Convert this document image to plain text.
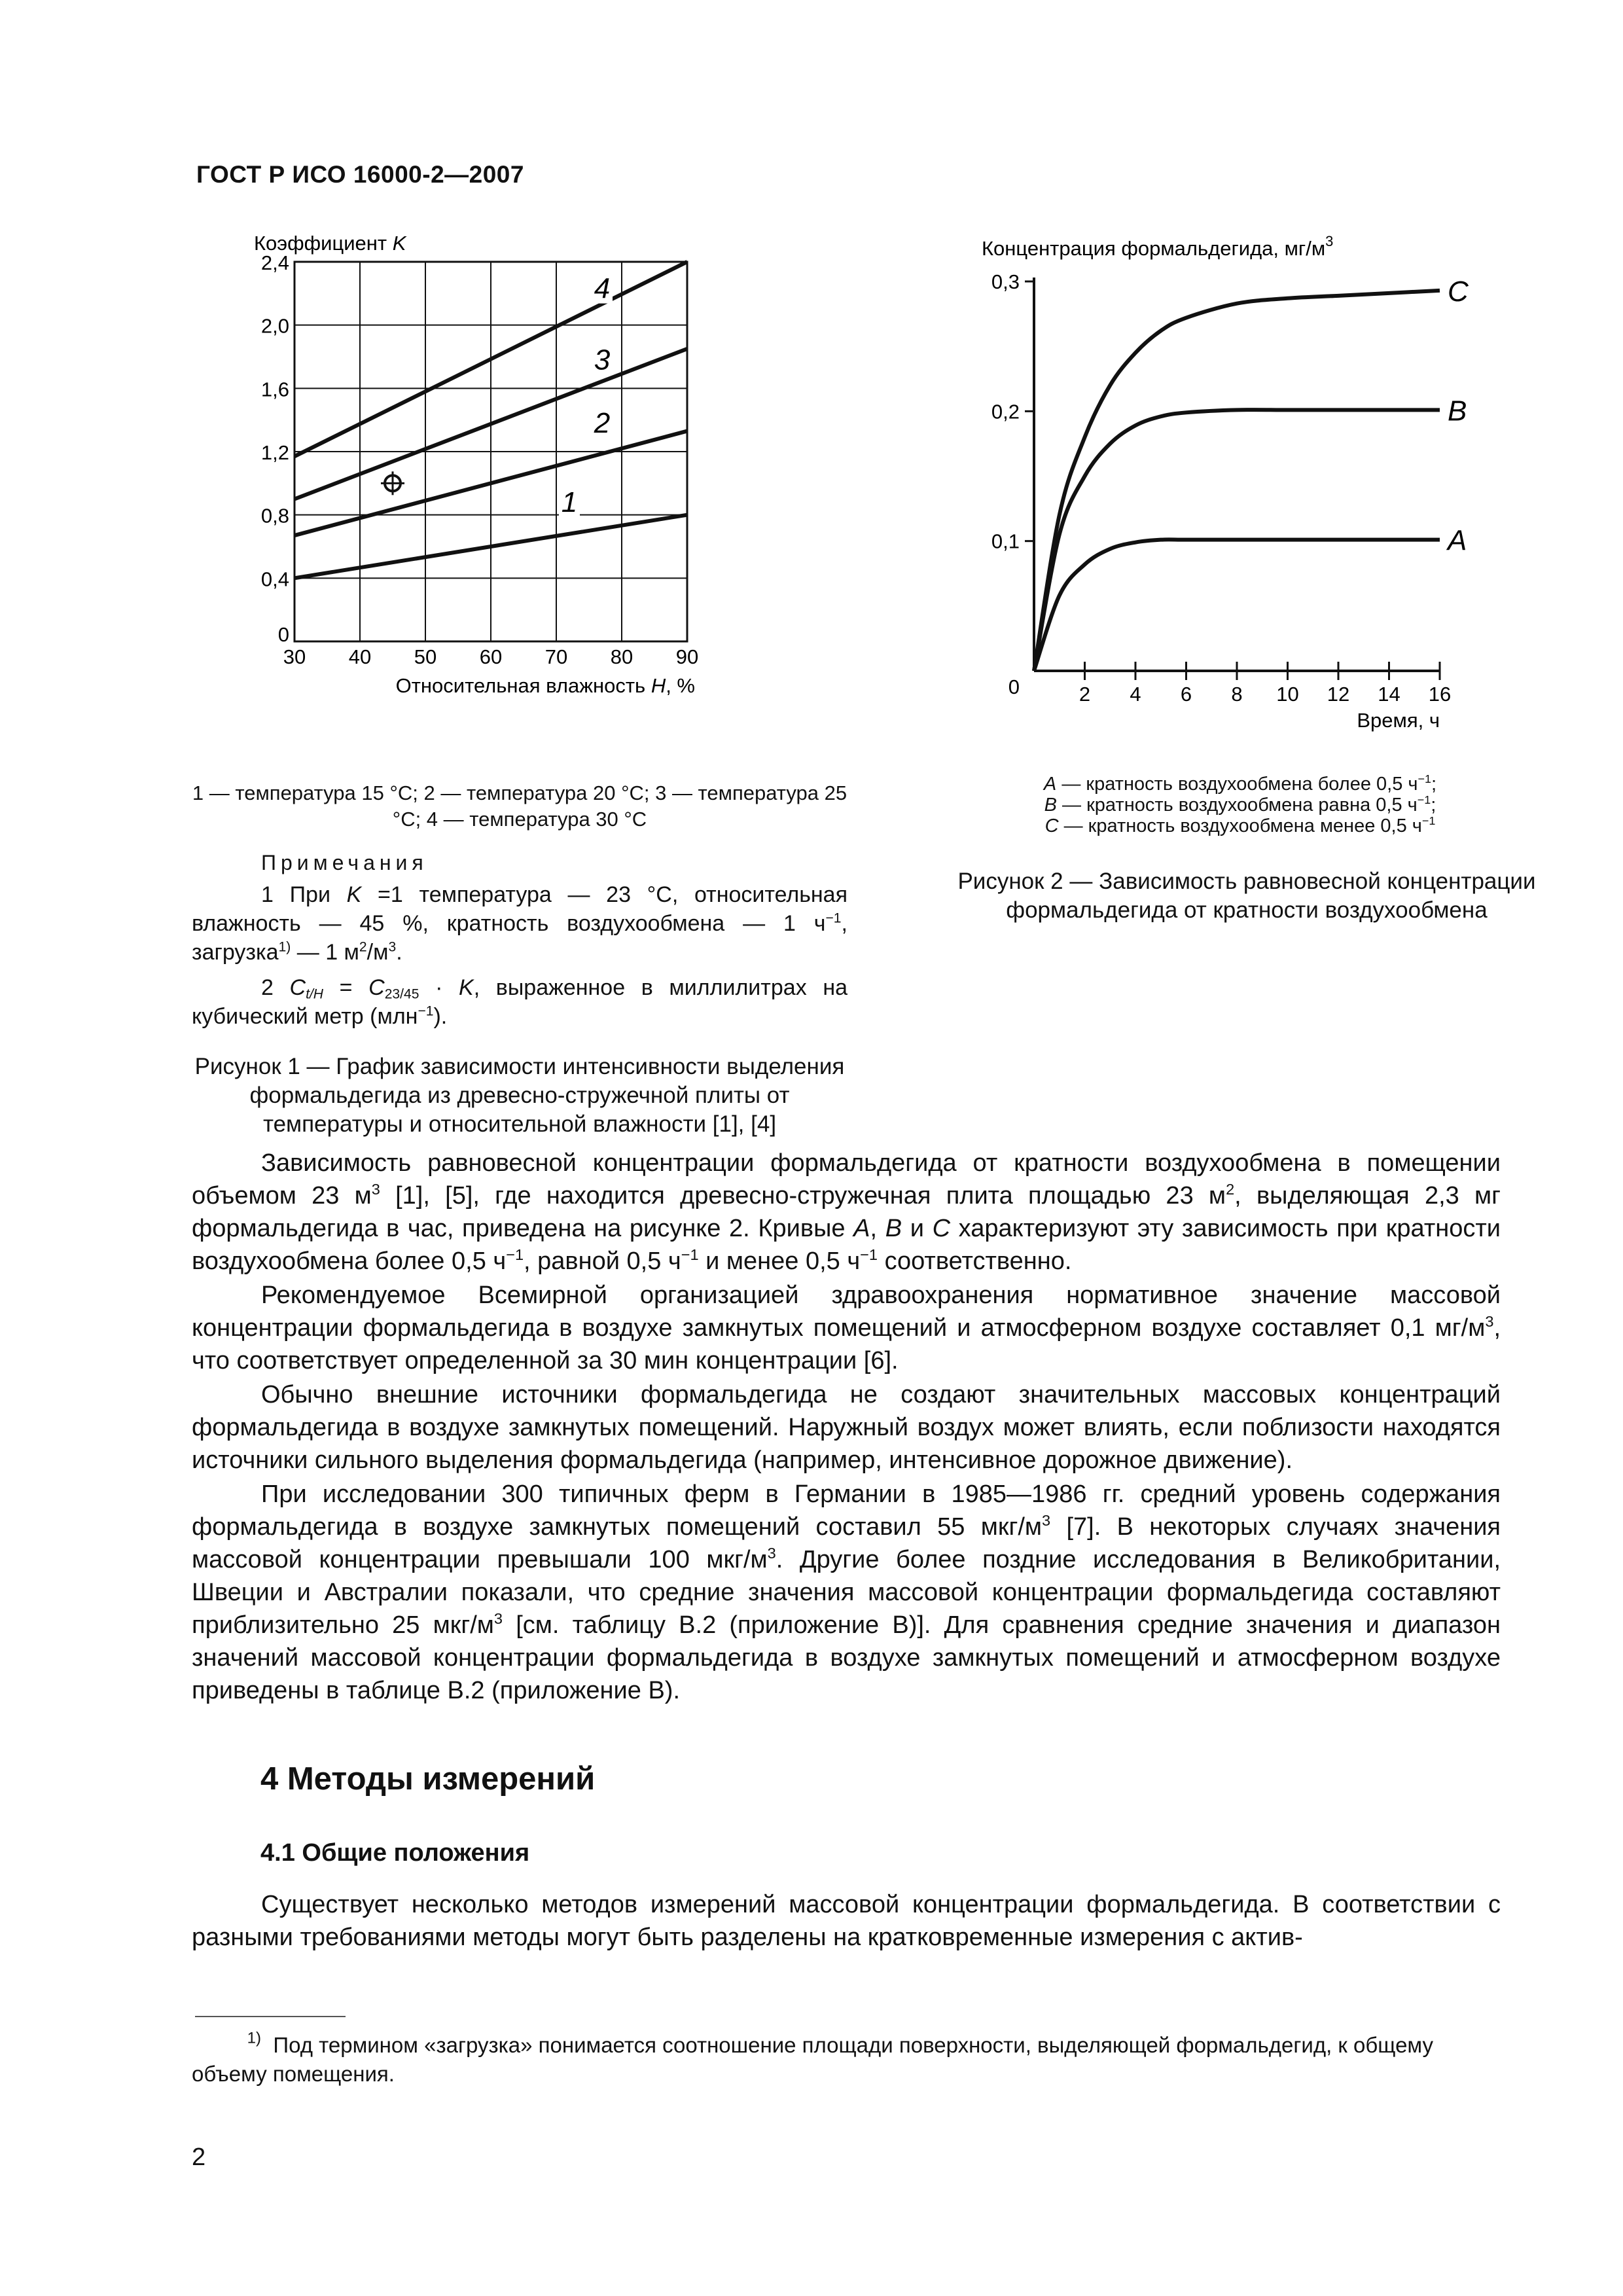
ГОСТ Р ИСО 16000-2—2007
30 40 50 60 70 80 90
0
0,4
0,8
1,2
1,6
2,0
2,4
Коэффициент K
Относительная влажность H, %
1
2
3
4
1 — температура 15 °С; 2 — температура 20 °С; 3 — температура 25 °С; 4 — температура 30 °С
Примечания
1 При K =1 температура — 23 °С, относительная влажность — 45 %, кратность воздухообмена — 1 $ч^{-1}$, загрузка$^{1)}$ — 1 $м^2/м^3$.
2 $C_{t/H} = C_{23/45} \cdot K$, выраженное в миллилитрах на кубический метр (млн$^{-1}$).
Рисунок 1 — График зависимости интенсивности выделения формальдегида из древесно-стружечной плиты от температуры и относительной влажности [1], [4]
Концентрация формальдегида, $мг/м^3$
0
0,1
0,2
0,3
2 4 6 8 10 12 14 16
Время, ч
A
B
C
A — кратность воздухообмена более 0,5 $ч^{-1}$;
B — кратность воздухообмена равна 0,5 $ч^{-1}$;
C — кратность воздухообмена менее 0,5 $ч^{-1}$
Рисунок 2 — Зависимость равновесной концентрации формальдегида от кратности воздухообмена

Зависимость равновесной концентрации формальдегида от кратности воздухообмена в помещении объемом 23 $м^3$ [1], [5], где находится древесно-стружечная плита площадью 23 $м^2$, выделяющая 2,3 мг формальдегида в час, приведена на рисунке 2. Кривые A, B и C характеризуют эту зависимость при кратности воздухообмена более 0,5 $ч^{-1}$, равной 0,5 $ч^{-1}$ и менее 0,5 $ч^{-1}$ соответственно.

Рекомендуемое Всемирной организацией здравоохранения нормативное значение массовой концентрации формальдегида в воздухе замкнутых помещений и атмосферном воздухе составляет 0,1 $мг/м^3$, что соответствует определенной за 30 мин концентрации [6].

Обычно внешние источники формальдегида не создают значительных массовых концентраций формальдегида в воздухе замкнутых помещений. Наружный воздух может влиять, если поблизости находятся источники сильного выделения формальдегида (например, интенсивное дорожное движение).

При исследовании 300 типичных ферм в Германии в 1985—1986 гг. средний уровень содержания формальдегида в воздухе замкнутых помещений составил 55 мкг/$м^3$ [7]. В некоторых случаях значения массовой концентрации превышали 100 мкг/$м^3$. Другие более поздние исследования в Великобритании, Швеции и Австралии показали, что средние значения массовой концентрации формальдегида составляют приблизительно 25 мкг/$м^3$ [см. таблицу В.2 (приложение В)]. Для сравнения средние значения и диапазон значений массовой концентрации формальдегида в воздухе замкнутых помещений и атмосферном воздухе приведены в таблице В.2 (приложение В).

4 Методы измерений
4.1 Общие положения

Существует несколько методов измерений массовой концентрации формальдегида. В соответствии с разными требованиями методы могут быть разделены на кратковременные измерения с актив-

$^{1)}$ Под термином «загрузка» понимается соотношение площади поверхности, выделяющей формальдегид, к общему объему помещения.
2
